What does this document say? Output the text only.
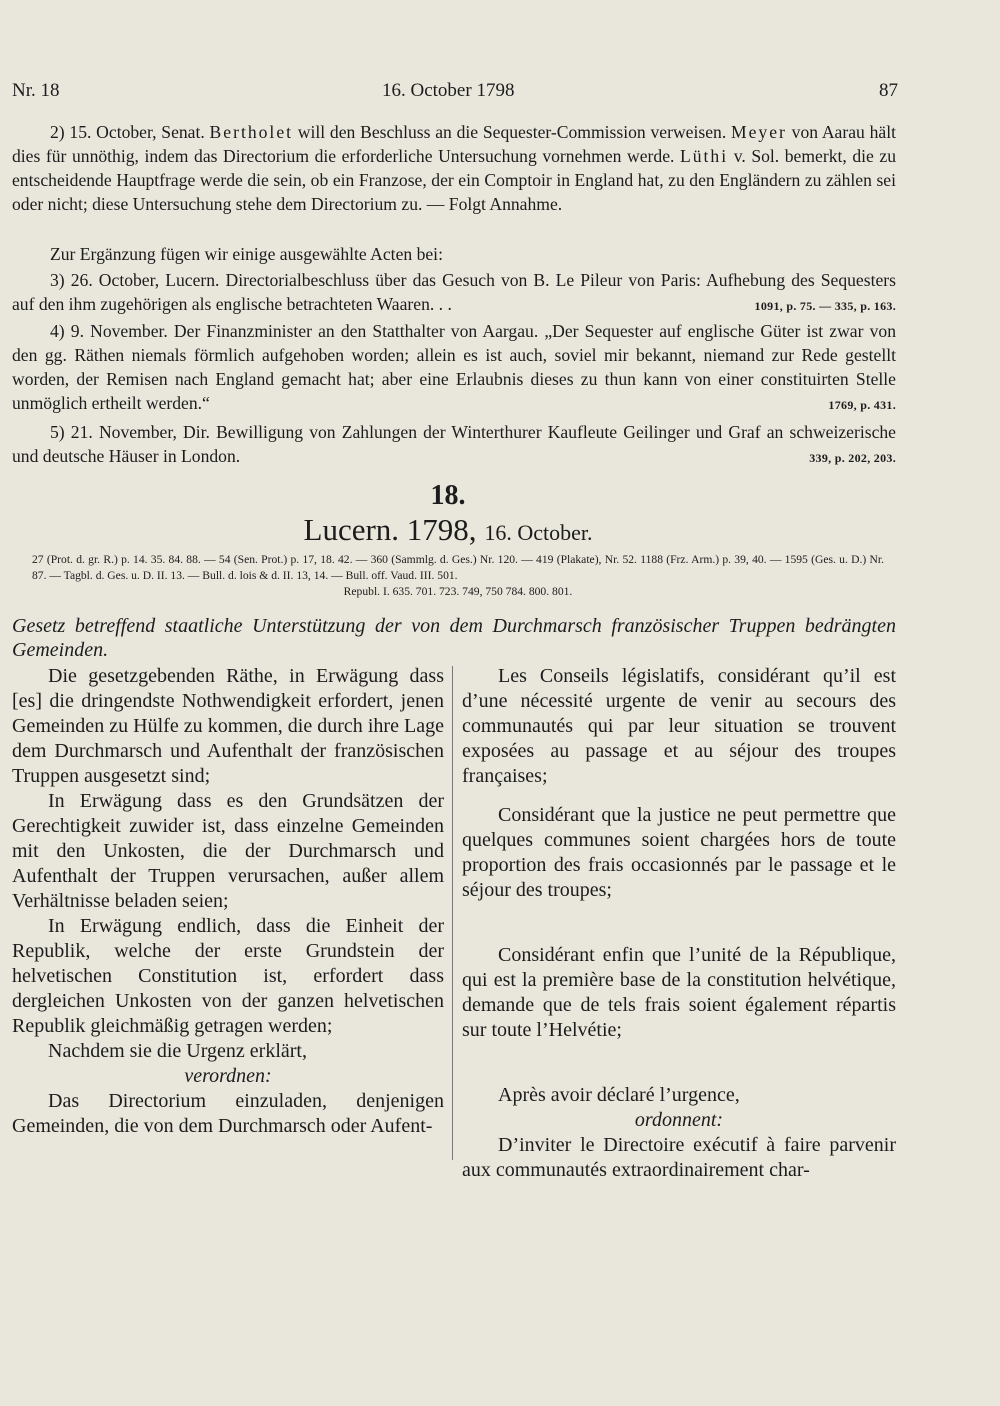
Nr. 18	16. October 1798	87

2) 15. October, Senat. Bertholet will den Beschluss an die Sequester-Commission verweisen. Meyer von Aarau hält dies für unnöthig, indem das Directorium die erforderliche Untersuchung vornehmen werde. Lüthi v. Sol. bemerkt, die zu entscheidende Hauptfrage werde die sein, ob ein Franzose, der ein Comptoir in England hat, zu den Engländern zu zählen sei oder nicht; diese Untersuchung stehe dem Directorium zu. — Folgt Annahme.

Zur Ergänzung fügen wir einige ausgewählte Acten bei:

3) 26. October, Lucern. Directorialbeschluss über das Gesuch von B. Le Pileur von Paris: Aufhebung des Sequesters auf den ihm zugehörigen als englische betrachteten Waaren. . .	1091, p. 75. — 335, p. 163.

4) 9. November. Der Finanzminister an den Statthalter von Aargau. „Der Sequester auf englische Güter ist zwar von den gg. Räthen niemals förmlich aufgehoben worden; allein es ist auch, soviel mir bekannt, niemand zur Rede gestellt worden, der Remisen nach England gemacht hat; aber eine Erlaubnis dieses zu thun kann von einer constituirten Stelle unmöglich ertheilt werden.“	1769, p. 431.

5) 21. November, Dir. Bewilligung von Zahlungen der Winterthurer Kaufleute Geilinger und Graf an schweizerische und deutsche Häuser in London.	339, p. 202, 203.

18.
Lucern. 1798, 16. October.
27 (Prot. d. gr. R.) p. 14. 35. 84. 88. — 54 (Sen. Prot.) p. 17, 18. 42. — 360 (Sammlg. d. Ges.) Nr. 120. — 419 (Plakate), Nr. 52. 1188 (Frz. Arm.) p. 39, 40. — 1595 (Ges. u. D.) Nr. 87. — Tagbl. d. Ges. u. D. II. 13. — Bull. d. lois & d. II. 13, 14. — Bull. off. Vaud. III. 501.
Republ. I. 635. 701. 723. 749, 750 784. 800. 801.
Gesetz betreffend staatliche Unterstützung der von dem Durchmarsch französischer Truppen bedrängten Gemeinden.

Die gesetzgebenden Räthe, in Erwägung dass [es] die dringendste Nothwendigkeit erfordert, jenen Gemeinden zu Hülfe zu kommen, die durch ihre Lage dem Durchmarsch und Aufenthalt der französischen Truppen ausgesetzt sind;

In Erwägung dass es den Grundsätzen der Gerechtigkeit zuwider ist, dass einzelne Gemeinden mit den Unkosten, die der Durchmarsch und Aufenthalt der Truppen verursachen, außer allem Verhältnisse beladen seien;

In Erwägung endlich, dass die Einheit der Republik, welche der erste Grundstein der helvetischen Constitution ist, erfordert dass dergleichen Unkosten von der ganzen helvetischen Republik gleichmäßig getragen werden;

Nachdem sie die Urgenz erklärt,

verordnen:

Das Directorium einzuladen, denjenigen Gemeinden, die von dem Durchmarsch oder Aufent-

Les Conseils législatifs, considérant qu’il est d’une nécessité urgente de venir au secours des communautés qui par leur situation se trouvent exposées au passage et au séjour des troupes françaises;

Considérant que la justice ne peut permettre que quelques communes soient chargées hors de toute proportion des frais occasionnés par le passage et le séjour des troupes;

Considérant enfin que l’unité de la République, qui est la première base de la constitution helvétique, demande que de tels frais soient également répartis sur toute l’Helvétie;

Après avoir déclaré l’urgence,

ordonnent:

D’inviter le Directoire exécutif à faire parvenir aux communautés extraordinairement char-
